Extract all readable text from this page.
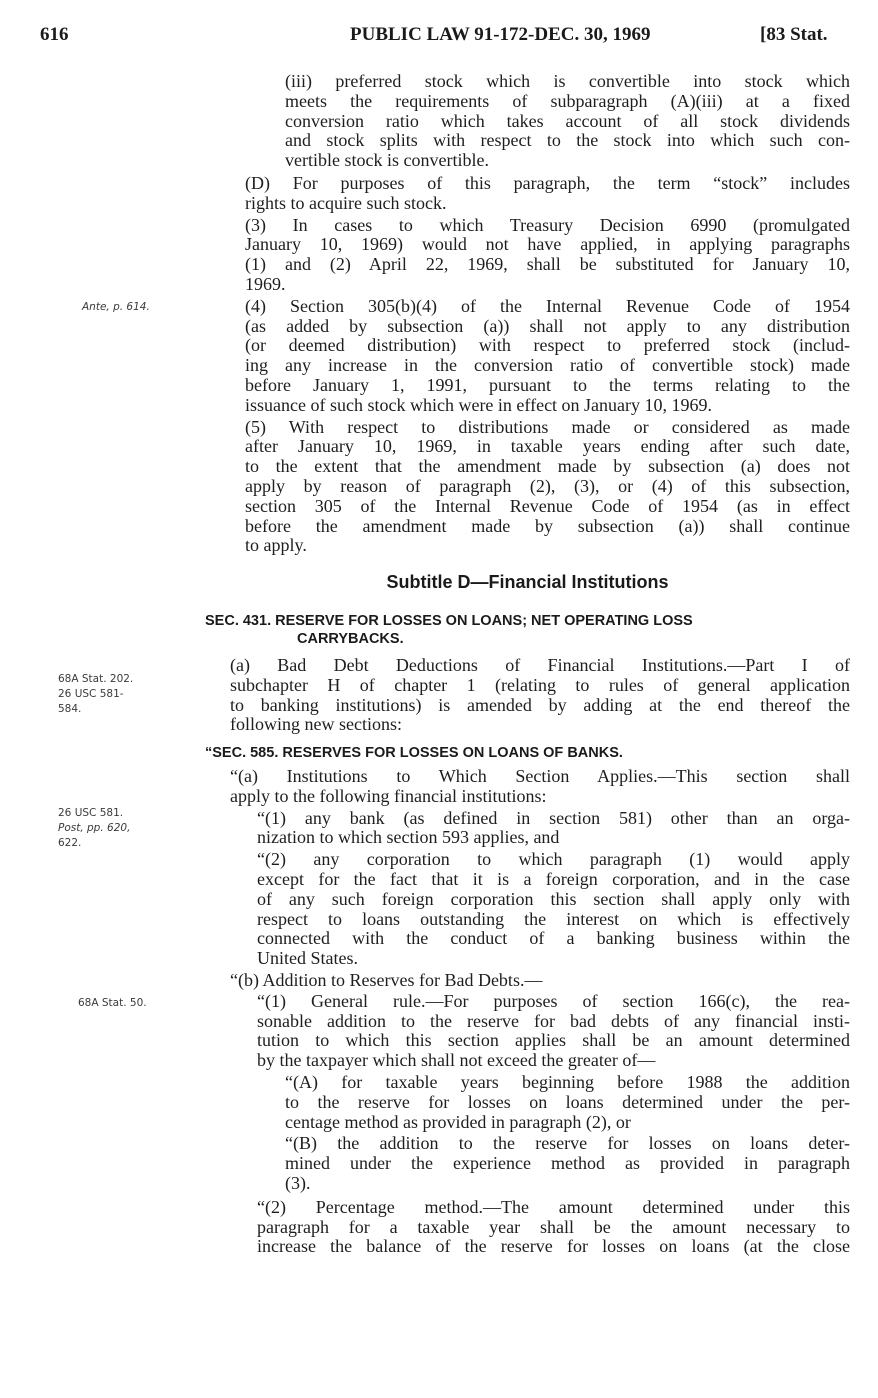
616	PUBLIC LAW 91-172-DEC. 30, 1969	[83 Stat.
Ante, p. 614.
68A Stat. 202.
26 USC 581-
584.
26 USC 581.
Post, pp. 620,
622.
68A Stat. 50.

(iii) preferred stock which is convertible into stock which
meets the requirements of subparagraph (A)(iii) at a fixed
conversion ratio which takes account of all stock dividends
and stock splits with respect to the stock into which such con-
vertible stock is convertible.

(D) For purposes of this paragraph, the term “stock” includes
rights to acquire such stock.

(3) In cases to which Treasury Decision 6990 (promulgated
January 10, 1969) would not have applied, in applying paragraphs
(1) and (2) April 22, 1969, shall be substituted for January 10,
1969.

(4) Section 305(b)(4) of the Internal Revenue Code of 1954
(as added by subsection (a)) shall not apply to any distribution
(or deemed distribution) with respect to preferred stock (includ-
ing any increase in the conversion ratio of convertible stock) made
before January 1, 1991, pursuant to the terms relating to the
issuance of such stock which were in effect on January 10, 1969.

(5) With respect to distributions made or considered as made
after January 10, 1969, in taxable years ending after such date,
to the extent that the amendment made by subsection (a) does not
apply by reason of paragraph (2), (3), or (4) of this subsection,
section 305 of the Internal Revenue Code of 1954 (as in effect
before the amendment made by subsection (a)) shall continue
to apply.

Subtitle D—Financial Institutions
SEC. 431. RESERVE FOR LOSSES ON LOANS; NET OPERATING LOSS
CARRYBACKS.

(a) Bad Debt Deductions of Financial Institutions.—Part I of
subchapter H of chapter 1 (relating to rules of general application
to banking institutions) is amended by adding at the end thereof the
following new sections:

“SEC. 585. RESERVES FOR LOSSES ON LOANS OF BANKS.

“(a) Institutions to Which Section Applies.—This section shall
apply to the following financial institutions:

“(1) any bank (as defined in section 581) other than an orga-
nization to which section 593 applies, and

“(2) any corporation to which paragraph (1) would apply
except for the fact that it is a foreign corporation, and in the case
of any such foreign corporation this section shall apply only with
respect to loans outstanding the interest on which is effectively
connected with the conduct of a banking business within the
United States.

“(b) Addition to Reserves for Bad Debts.—

“(1) General rule.—For purposes of section 166(c), the rea-
sonable addition to the reserve for bad debts of any financial insti-
tution to which this section applies shall be an amount determined
by the taxpayer which shall not exceed the greater of—

“(A) for taxable years beginning before 1988 the addition
to the reserve for losses on loans determined under the per-
centage method as provided in paragraph (2), or

“(B) the addition to the reserve for losses on loans deter-
mined under the experience method as provided in paragraph
(3).

“(2) Percentage method.—The amount determined under this
paragraph for a taxable year shall be the amount necessary to
increase the balance of the reserve for losses on loans (at the close
